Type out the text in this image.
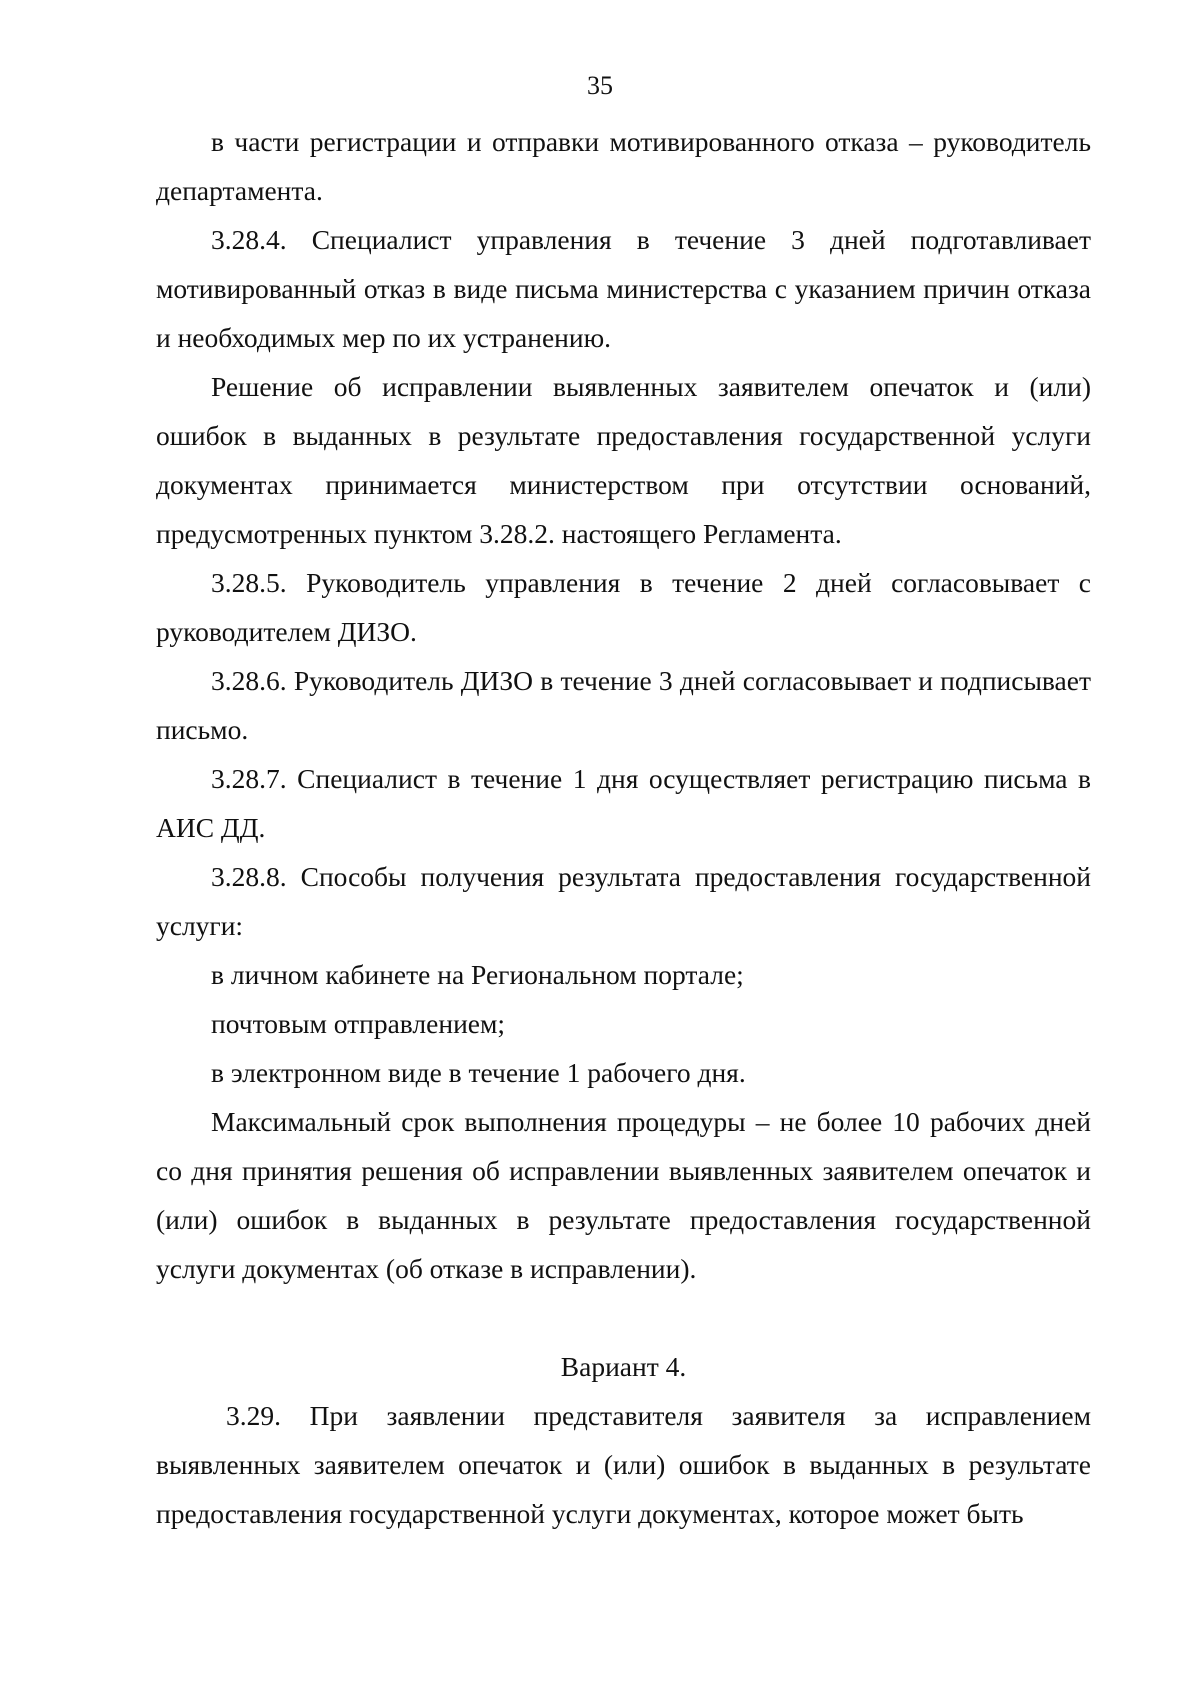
35

в части регистрации и отправки мотивированного отказа – руководитель департамента.

3.28.4. Специалист управления в течение 3 дней подготавливает мотивированный отказ в виде письма министерства с указанием причин отказа и необходимых мер по их устранению.

Решение об исправлении выявленных заявителем опечаток и (или) ошибок в выданных в результате предоставления государственной услуги документах принимается министерством при отсутствии оснований, предусмотренных пунктом 3.28.2. настоящего Регламента.

3.28.5. Руководитель управления в течение 2 дней согласовывает с руководителем ДИЗО.

3.28.6. Руководитель ДИЗО в течение 3 дней согласовывает и подписывает письмо.

3.28.7. Специалист в течение 1 дня осуществляет регистрацию письма в АИС ДД.

3.28.8. Способы получения результата предоставления государственной услуги:

в личном кабинете на Региональном портале;

почтовым отправлением;

в электронном виде в течение 1 рабочего дня.

Максимальный срок выполнения процедуры – не более 10 рабочих дней со дня принятия решения об исправлении выявленных заявителем опечаток и (или) ошибок в выданных в результате предоставления государственной услуги документах (об отказе в исправлении).

Вариант 4.

3.29. При заявлении представителя заявителя за исправлением выявленных заявителем опечаток и (или) ошибок в выданных в результате предоставления государственной услуги документах, которое может быть
